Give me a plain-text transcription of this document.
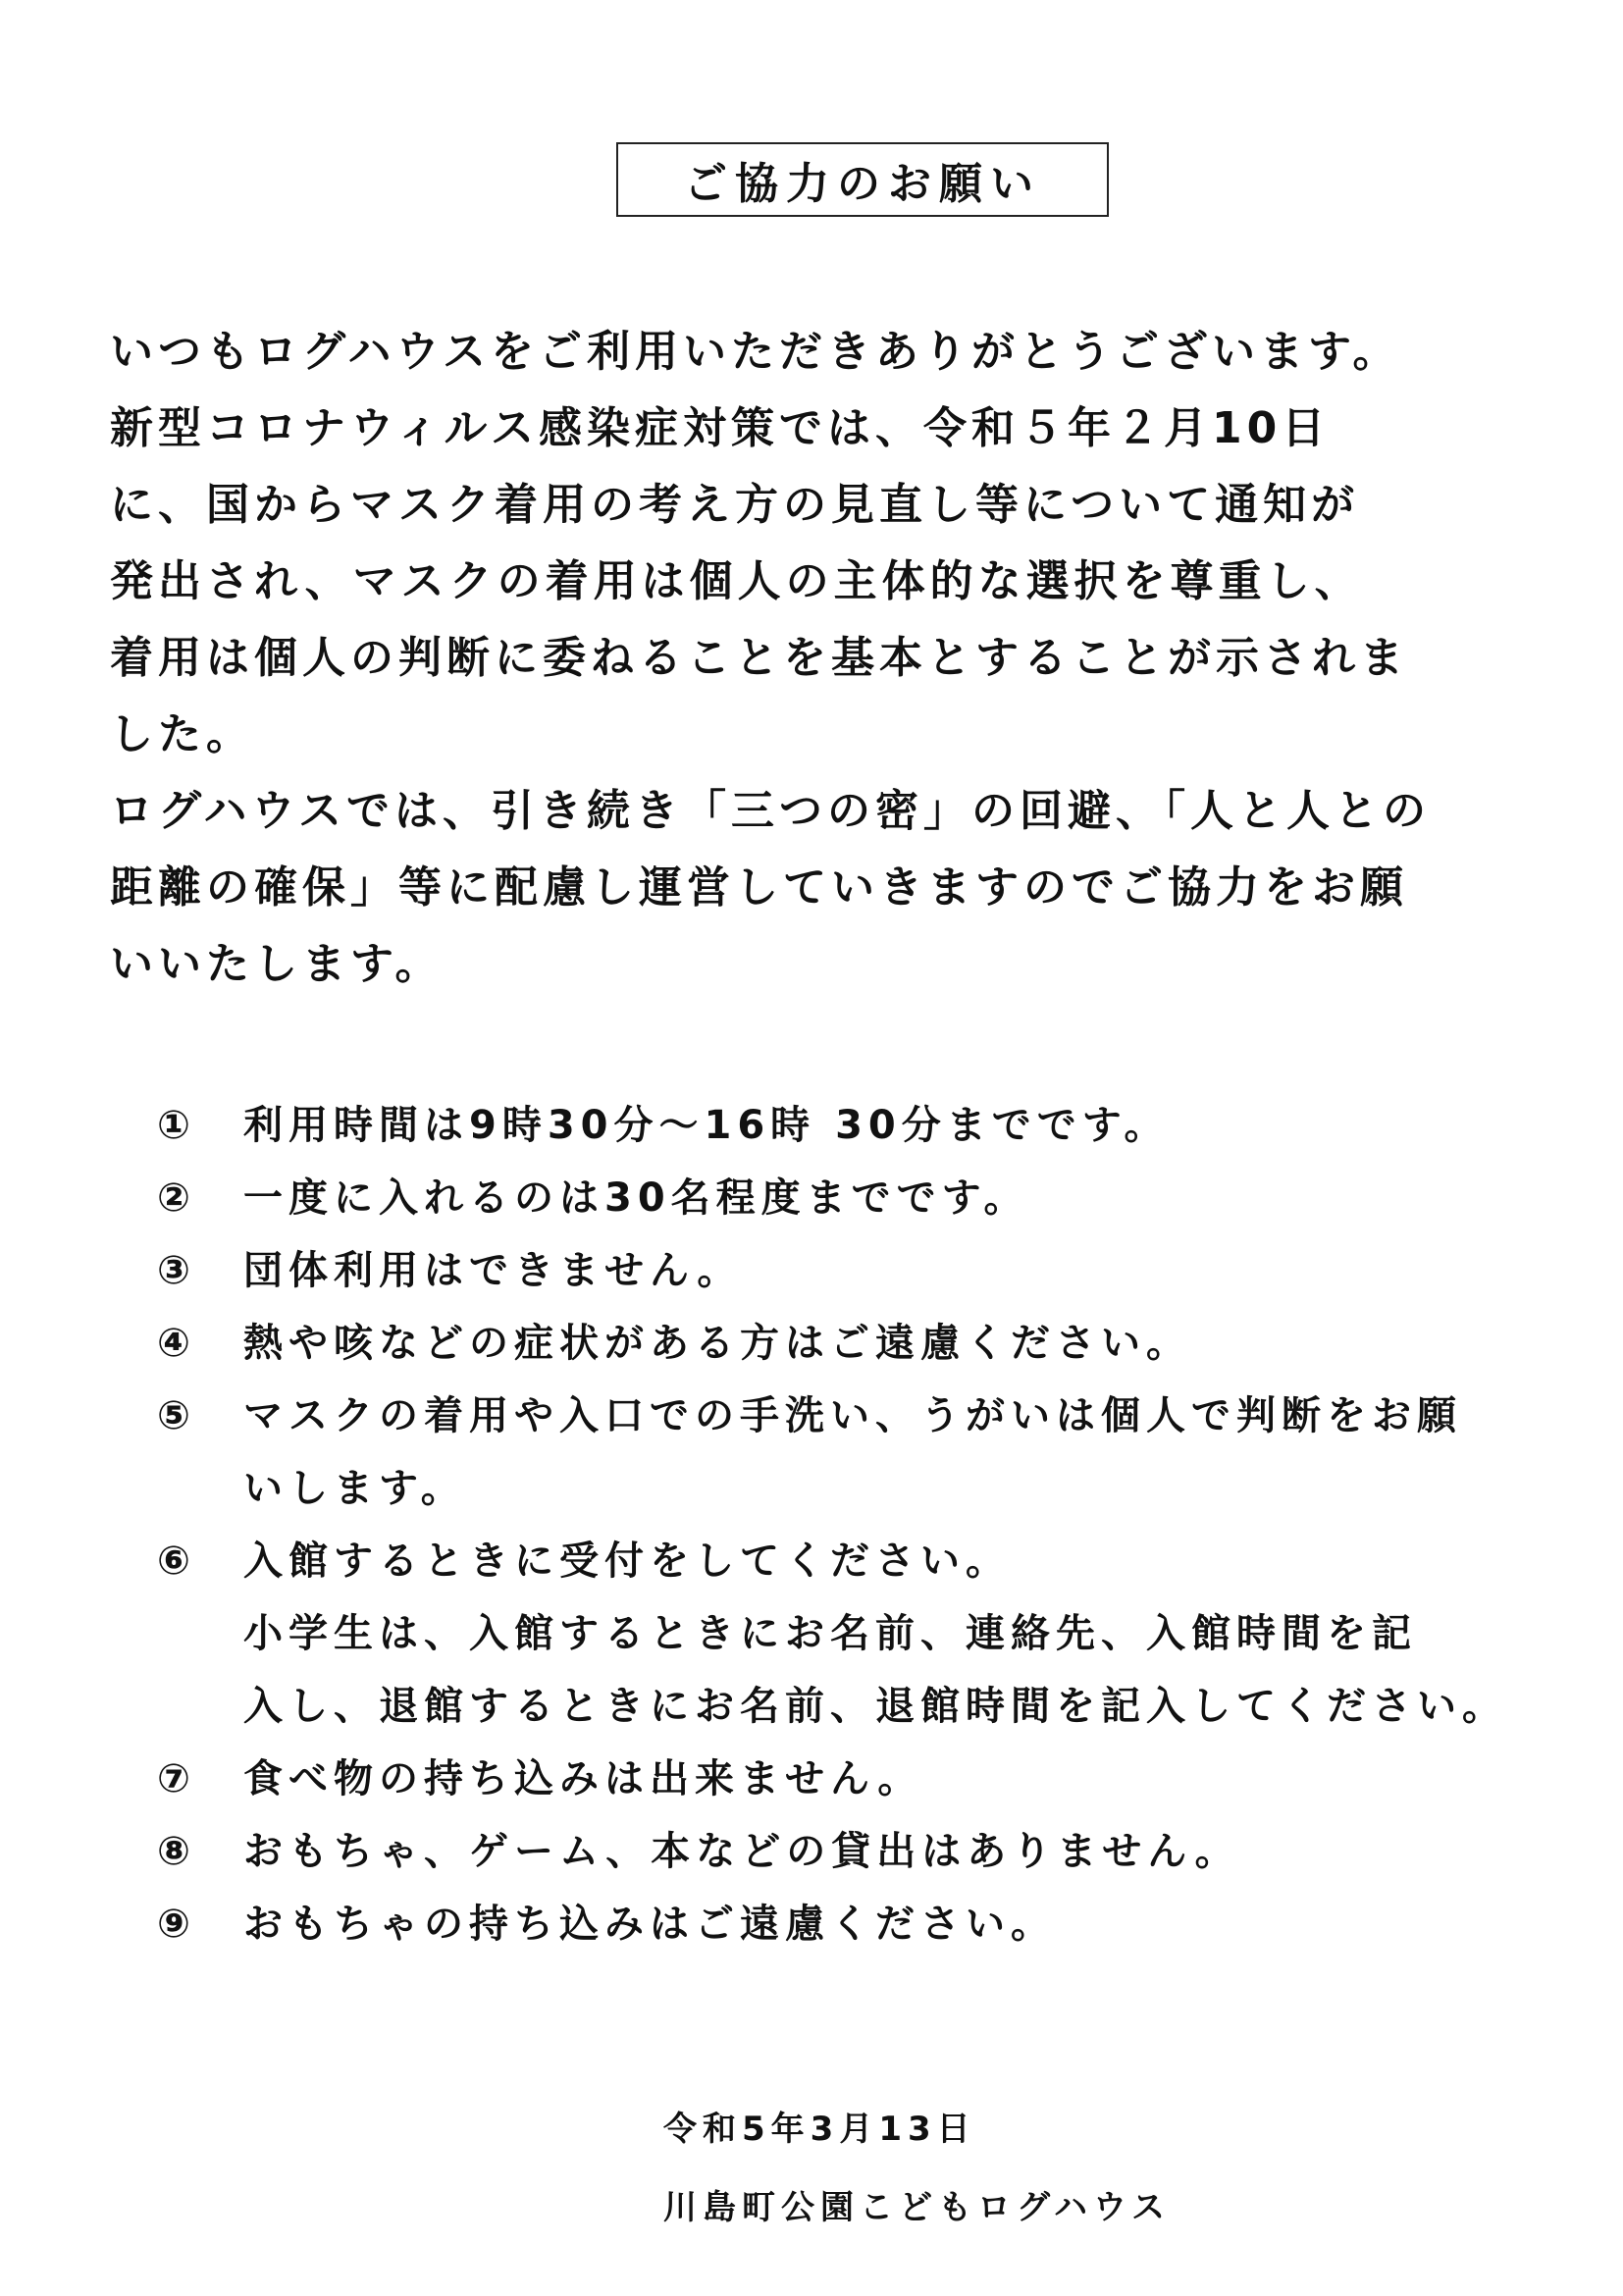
ご協力のお願い
いつもログハウスをご利用いただきありがとうございます。
新型コロナウィルス感染症対策では、令和５年２月10日
に、国からマスク着用の考え方の見直し等について通知が
発出され、マスクの着用は個人の主体的な選択を尊重し、
着用は個人の判断に委ねることを基本とすることが示されま
した。
ログハウスでは、引き続き「三つの密」の回避、「人と人との
距離の確保」等に配慮し運営していきますのでご協力をお願
いいたします。
①	利用時間は9時30分～16時 30分までです。
②	一度に入れるのは30名程度までです。
③	団体利用はできません。
④	熱や咳などの症状がある方はご遠慮ください。
⑤	マスクの着用や入口での手洗い、うがいは個人で判断をお願
いします。
⑥	入館するときに受付をしてください。
小学生は、入館するときにお名前、連絡先、入館時間を記
入し、退館するときにお名前、退館時間を記入してください。
⑦	食べ物の持ち込みは出来ません。
⑧	おもちゃ、ゲーム、本などの貸出はありません。
⑨	おもちゃの持ち込みはご遠慮ください。
令和5年3月13日
川島町公園こどもログハウス
